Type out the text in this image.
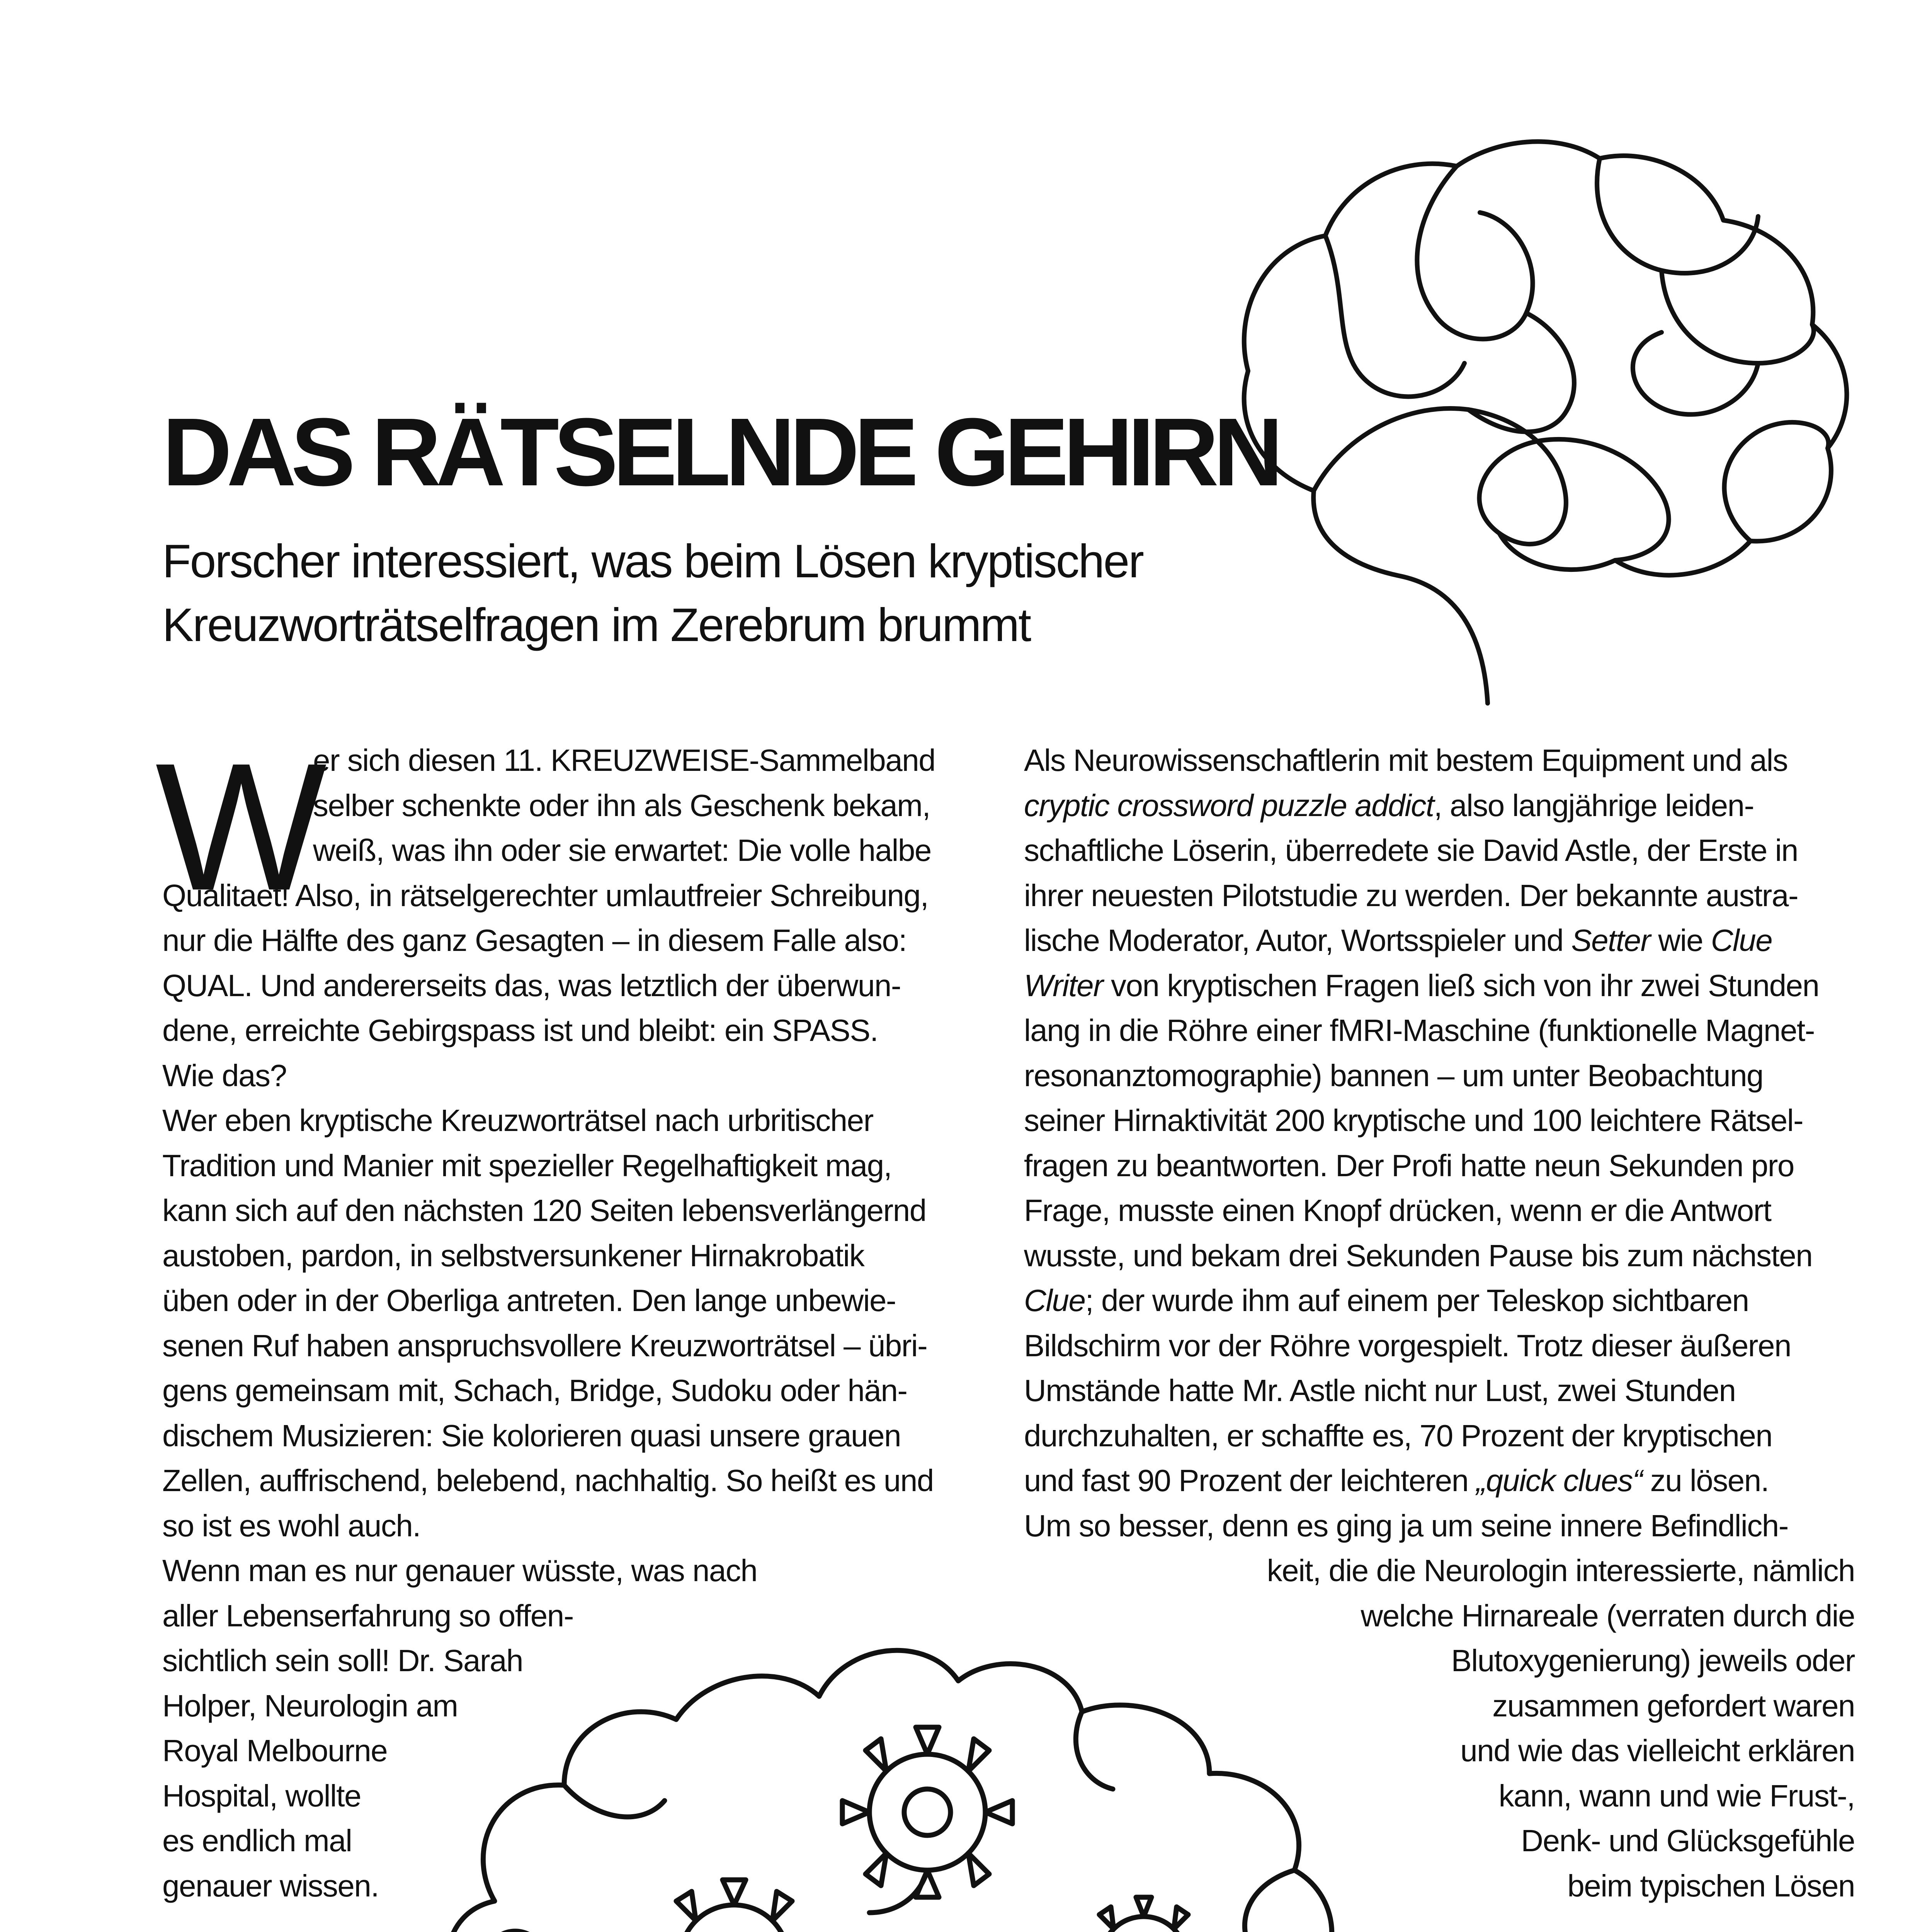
DAS RÄTSELNDE GEHIRN
Forscher interessiert, was beim Lösen kryptischer
Kreuzworträtselfragen im Zerebrum brummt
W
er sich diesen 11. KREUZWEISE-Sammelband
selber schenkte oder ihn als Geschenk bekam,
weiß, was ihn oder sie erwartet: Die volle halbe
Qualitaet! Also, in rätselgerechter umlautfreier Schreibung,
nur die Hälfte des ganz Gesagten – in diesem Falle also:
QUAL. Und andererseits das, was letztlich der überwun-
dene, erreichte Gebirgspass ist und bleibt: ein SPASS.
Wie das?
Wer eben kryptische Kreuzworträtsel nach urbritischer
Tradition und Manier mit spezieller Regelhaftigkeit mag,
kann sich auf den nächsten 120 Seiten lebensverlängernd
austoben, pardon, in selbstversunkener Hirnakrobatik
üben oder in der Oberliga antreten. Den lange unbewie-
senen Ruf haben anspruchsvollere Kreuzworträtsel – übri-
gens gemeinsam mit, Schach, Bridge, Sudoku oder hän-
dischem Musizieren: Sie kolorieren quasi unsere grauen
Zellen, auffrischend, belebend, nachhaltig. So heißt es und
so ist es wohl auch.
Wenn man es nur genauer wüsste, was nach
aller Lebenserfahrung so offen-
sichtlich sein soll! Dr. Sarah
Holper, Neurologin am
Royal Melbourne
Hospital, wollte
es endlich mal
genauer wissen.
Als Neurowissenschaftlerin mit bestem Equipment und als
cryptic crossword puzzle addict, also langjährige leiden-
schaftliche Löserin, überredete sie David Astle, der Erste in
ihrer neuesten Pilotstudie zu werden. Der bekannte austra-
lische Moderator, Autor, Wortsspieler und Setter wie Clue
Writer von kryptischen Fragen ließ sich von ihr zwei Stunden
lang in die Röhre einer fMRI-Maschine (funktionelle Magnet-
resonanztomographie) bannen – um unter Beobachtung
seiner Hirnaktivität 200 kryptische und 100 leichtere Rätsel-
fragen zu beantworten. Der Profi hatte neun Sekunden pro
Frage, musste einen Knopf drücken, wenn er die Antwort
wusste, und bekam drei Sekunden Pause bis zum nächsten
Clue; der wurde ihm auf einem per Teleskop sichtbaren
Bildschirm vor der Röhre vorgespielt. Trotz dieser äußeren
Umstände hatte Mr. Astle nicht nur Lust, zwei Stunden
durchzuhalten, er schaffte es, 70 Prozent der kryptischen
und fast 90 Prozent der leichteren „quick clues“ zu lösen.
Um so besser, denn es ging ja um seine innere Befindlich-
keit, die die Neurologin interessierte, nämlich
welche Hirnareale (verraten durch die
Blutoxygenierung) jeweils oder
zusammen gefordert waren
und wie das vielleicht erklären
kann, wann und wie Frust-,
Denk- und Glücksgefühle
beim typischen Lösen
